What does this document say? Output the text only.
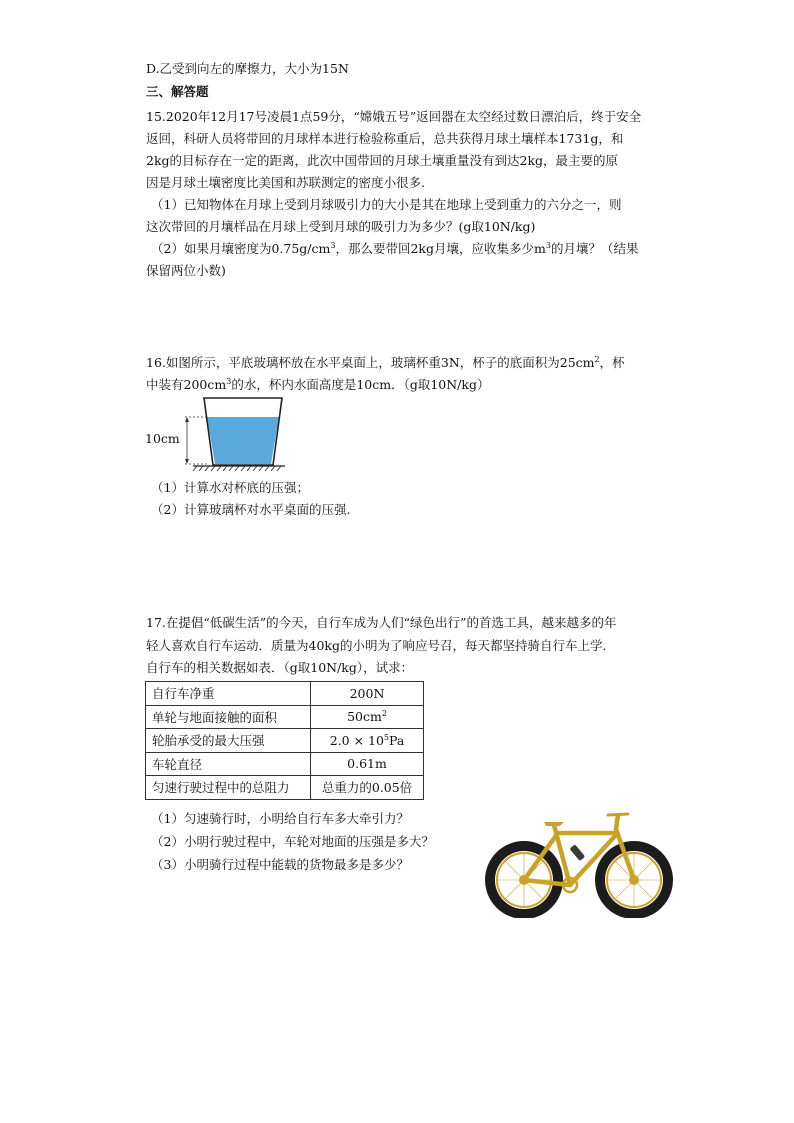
D.乙受到向左的摩擦力，大小为15N
三、解答题
15.2020年12月17号凌晨1点59分，“嫦娥五号”返回器在太空经过数日漂泊后，终于安全
返回，科研人员将带回的月球样本进行检验称重后，总共获得月球土壤样本1731g，和
2kg的目标存在一定的距离，此次中国带回的月球土壤重量没有到达2kg，最主要的原
因是月球土壤密度比美国和苏联测定的密度小很多.
（1）已知物体在月球上受到月球吸引力的大小是其在地球上受到重力的六分之一，则
这次带回的月壤样品在月球上受到月球的吸引力为多少？(g取10N/kg)
（2）如果月壤密度为$0.75g/cm^3$，那么要带回2kg月壤，应收集多少$m^3$的月壤？（结果
保留两位小数)
16.如图所示，平底玻璃杯放在水平桌面上，玻璃杯重3N，杯子的底面积为$25cm^2$，杯
中装有$200cm^3$的水，杯内水面高度是10cm．（g取10N/kg）
10cm
（1）计算水对杯底的压强；
（2）计算玻璃杯对水平桌面的压强.
17.在提倡“低碳生活”的今天，自行车成为人们“绿色出行”的首选工具，越来越多的年
轻人喜欢自行车运动．质量为40kg的小明为了响应号召，每天都坚持骑自行车上学．
自行车的相关数据如表．（g取10N/kg），试求：
自行车净重	200N
单轮与地面接触的面积	$50cm^2$
轮胎承受的最大压强	$2.0 \times 10^5Pa$
车轮直径	0.61m
匀速行驶过程中的总阻力	总重力的0.05倍
（1）匀速骑行时，小明给自行车多大牵引力？
（2）小明行驶过程中，车轮对地面的压强是多大？
（3）小明骑行过程中能载的货物最多是多少？
